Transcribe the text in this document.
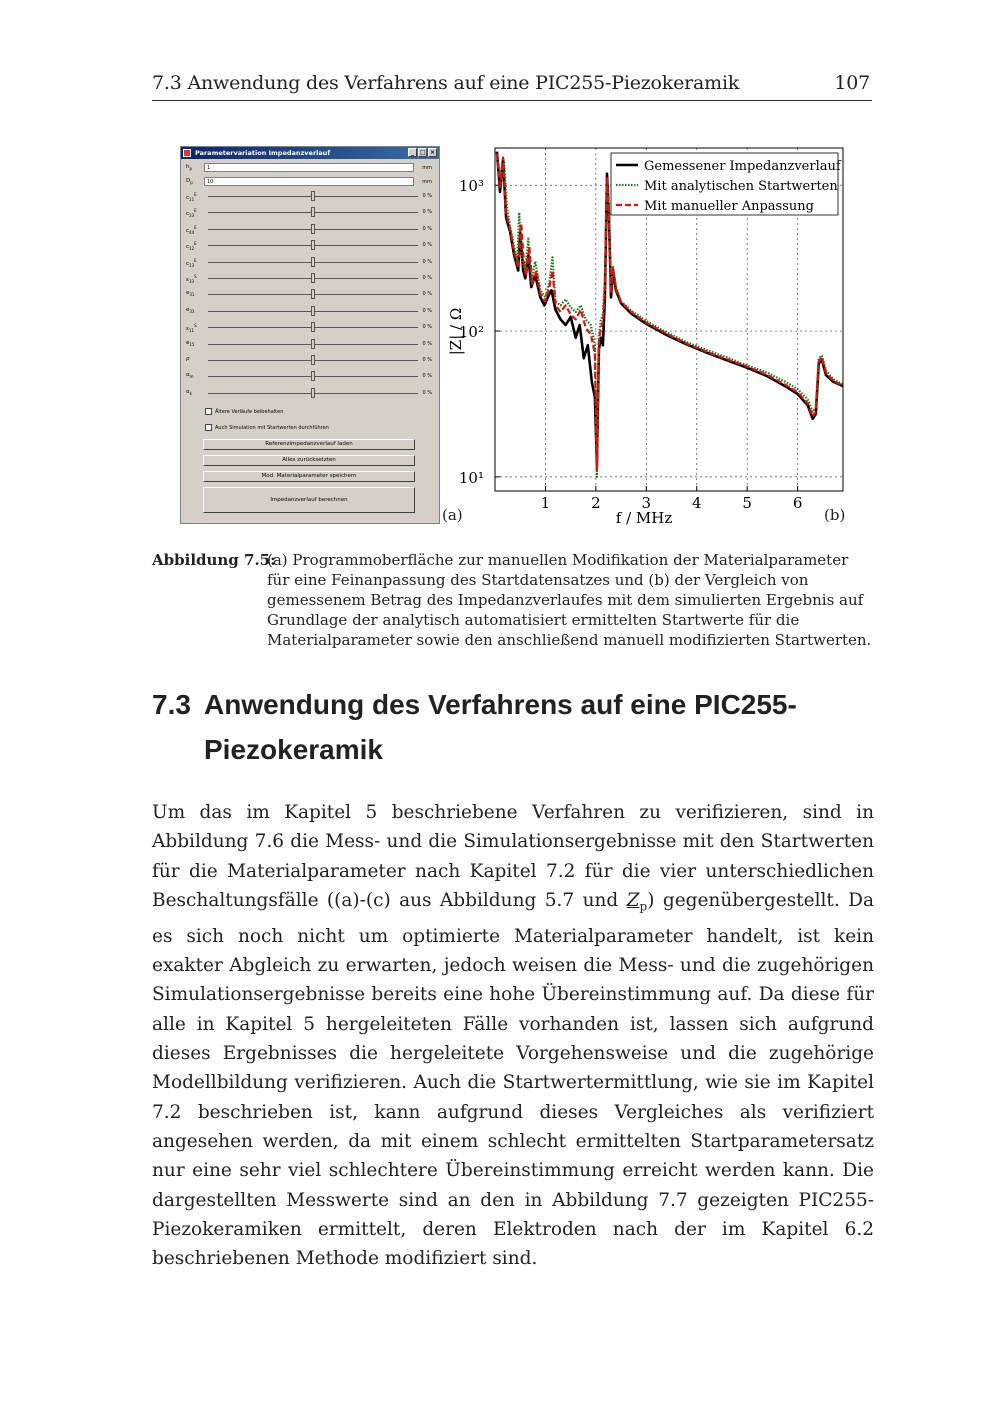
7.3 Anwendung des Verfahrens auf eine PIC255-Piezokeramik	107
Parametervariation Impedanzverlauf	_ □ ×
$h_p$	1	mm
$D_p$	10	mm
$c_{11}^E$	0 %
$c_{33}^E$	0 %
$c_{44}^E$	0 %
$c_{12}^E$	0 %
$c_{13}^E$	0 %
$\varepsilon_{33}^S$	0 %
$e_{31}$	0 %
$e_{33}$	0 %
$\varepsilon_{11}^S$	0 %
$e_{15}$	0 %
ρ	0 %
$\alpha_m$	0 %
$\alpha_k$	0 %
Ältere Verläufe beibehalten
Auch Simulation mit Startwerten durchführen
Referenzimpedanzverlauf laden
Alles zurücksetzten
Mod. Materialparameter speichern
Impedanzverlauf berechnen
(a)
1	2	3	4	5	6
10¹
10²
10³
f / MHz
|Z| / Ω
Gemessener Impedanzverlauf
Mit analytischen Startwerten
Mit manueller Anpassung
(b)
Abbildung 7.5:
(a) Programmoberfläche zur manuellen Modifikation der Materialparameter für eine Feinanpassung des Startdatensatzes und (b) der Vergleich von gemessenem Betrag des Impedanzverlaufes mit dem simulierten Ergebnis auf Grundlage der analytisch automatisiert ermittelten Startwerte für die Materialparameter sowie den anschließend manuell modifizierten Startwerten.
7.3 Anwendung des Verfahrens auf eine PIC255-Piezokeramik
Um das im Kapitel 5 beschriebene Verfahren zu verifizieren, sind in Abbildung 7.6 die Mess- und die Simulationsergebnisse mit den Startwerten für die Materialparameter nach Kapitel 7.2 für die vier unterschiedlichen Beschaltungsfälle ((a)-(c) aus Abbildung 5.7 und $Z_p$) gegenübergestellt. Da es sich noch nicht um optimierte Materialparameter handelt, ist kein exakter Abgleich zu erwarten, jedoch weisen die Mess- und die zugehörigen Simulationsergebnisse bereits eine hohe Übereinstimmung auf. Da diese für alle in Kapitel 5 hergeleiteten Fälle vorhanden ist, lassen sich aufgrund dieses Ergebnisses die hergeleitete Vorgehensweise und die zugehörige Modellbildung verifizieren. Auch die Startwertermittlung, wie sie im Kapitel 7.2 beschrieben ist, kann aufgrund dieses Vergleiches als verifiziert angesehen werden, da mit einem schlecht ermittelten Startparametersatz nur eine sehr viel schlechtere Übereinstimmung erreicht werden kann. Die dargestellten Messwerte sind an den in Abbildung 7.7 gezeigten PIC255-Piezokeramiken ermittelt, deren Elektroden nach der im Kapitel 6.2 beschriebenen Methode modifiziert sind.
